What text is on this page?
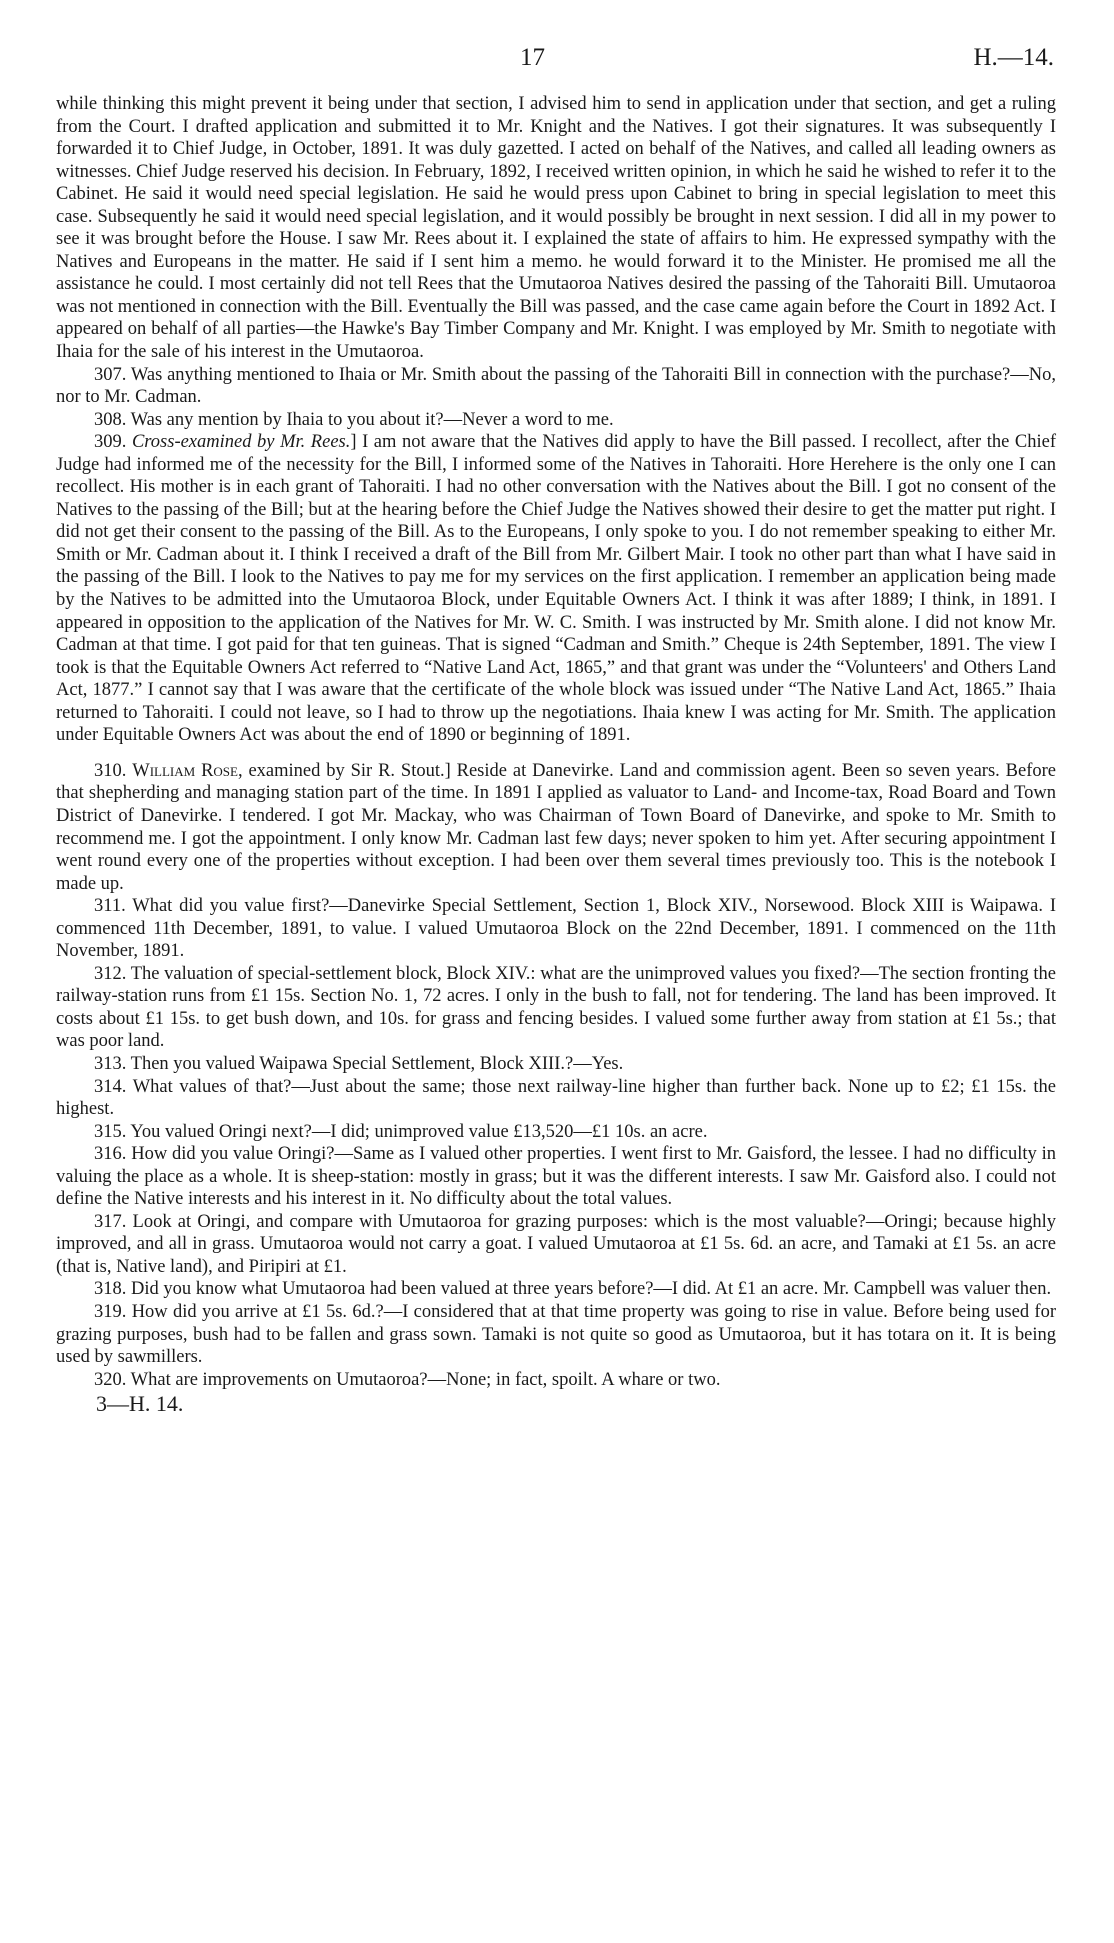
17	H.—14.

while thinking this might prevent it being under that section, I advised him to send in application under that section, and get a ruling from the Court. I drafted application and submitted it to Mr. Knight and the Natives. I got their signatures. It was subsequently I forwarded it to Chief Judge, in October, 1891. It was duly gazetted. I acted on behalf of the Natives, and called all leading owners as witnesses. Chief Judge reserved his decision. In February, 1892, I received written opinion, in which he said he wished to refer it to the Cabinet. He said it would need special legislation. He said he would press upon Cabinet to bring in special legislation to meet this case. Subsequently he said it would need special legislation, and it would possibly be brought in next session. I did all in my power to see it was brought before the House. I saw Mr. Rees about it. I explained the state of affairs to him. He expressed sympathy with the Natives and Europeans in the matter. He said if I sent him a memo. he would forward it to the Minister. He promised me all the assistance he could. I most certainly did not tell Rees that the Umutaoroa Natives desired the passing of the Tahoraiti Bill. Umutaoroa was not mentioned in connection with the Bill. Eventually the Bill was passed, and the case came again before the Court in 1892 Act. I appeared on behalf of all parties—the Hawke's Bay Timber Company and Mr. Knight. I was employed by Mr. Smith to negotiate with Ihaia for the sale of his interest in the Umutaoroa.

307. Was anything mentioned to Ihaia or Mr. Smith about the passing of the Tahoraiti Bill in connection with the purchase?—No, nor to Mr. Cadman.

308. Was any mention by Ihaia to you about it?—Never a word to me.

309. Cross-examined by Mr. Rees.] I am not aware that the Natives did apply to have the Bill passed. I recollect, after the Chief Judge had informed me of the necessity for the Bill, I informed some of the Natives in Tahoraiti. Hore Herehere is the only one I can recollect. His mother is in each grant of Tahoraiti. I had no other conversation with the Natives about the Bill. I got no consent of the Natives to the passing of the Bill; but at the hearing before the Chief Judge the Natives showed their desire to get the matter put right. I did not get their consent to the passing of the Bill. As to the Europeans, I only spoke to you. I do not remember speaking to either Mr. Smith or Mr. Cadman about it. I think I received a draft of the Bill from Mr. Gilbert Mair. I took no other part than what I have said in the passing of the Bill. I look to the Natives to pay me for my services on the first application. I remember an application being made by the Natives to be admitted into the Umutaoroa Block, under Equitable Owners Act. I think it was after 1889; I think, in 1891. I appeared in opposition to the application of the Natives for Mr. W. C. Smith. I was instructed by Mr. Smith alone. I did not know Mr. Cadman at that time. I got paid for that ten guineas. That is signed “Cadman and Smith.” Cheque is 24th September, 1891. The view I took is that the Equitable Owners Act referred to “Native Land Act, 1865,” and that grant was under the “Volunteers' and Others Land Act, 1877.” I cannot say that I was aware that the certificate of the whole block was issued under “The Native Land Act, 1865.” Ihaia returned to Tahoraiti. I could not leave, so I had to throw up the negotiations. Ihaia knew I was acting for Mr. Smith. The application under Equitable Owners Act was about the end of 1890 or beginning of 1891.

310. William Rose, examined by Sir R. Stout.] Reside at Danevirke. Land and commission agent. Been so seven years. Before that shepherding and managing station part of the time. In 1891 I applied as valuator to Land- and Income-tax, Road Board and Town District of Danevirke. I tendered. I got Mr. Mackay, who was Chairman of Town Board of Danevirke, and spoke to Mr. Smith to recommend me. I got the appointment. I only know Mr. Cadman last few days; never spoken to him yet. After securing appointment I went round every one of the properties without exception. I had been over them several times previously too. This is the notebook I made up.

311. What did you value first?—Danevirke Special Settlement, Section 1, Block XIV., Norsewood. Block XIII is Waipawa. I commenced 11th December, 1891, to value. I valued Umutaoroa Block on the 22nd December, 1891. I commenced on the 11th November, 1891.

312. The valuation of special-settlement block, Block XIV.: what are the unimproved values you fixed?—The section fronting the railway-station runs from £1 15s. Section No. 1, 72 acres. I only in the bush to fall, not for tendering. The land has been improved. It costs about £1 15s. to get bush down, and 10s. for grass and fencing besides. I valued some further away from station at £1 5s.; that was poor land.

313. Then you valued Waipawa Special Settlement, Block XIII.?—Yes.

314. What values of that?—Just about the same; those next railway-line higher than further back. None up to £2; £1 15s. the highest.

315. You valued Oringi next?—I did; unimproved value £13,520—£1 10s. an acre.

316. How did you value Oringi?—Same as I valued other properties. I went first to Mr. Gaisford, the lessee. I had no difficulty in valuing the place as a whole. It is sheep-station: mostly in grass; but it was the different interests. I saw Mr. Gaisford also. I could not define the Native interests and his interest in it. No difficulty about the total values.

317. Look at Oringi, and compare with Umutaoroa for grazing purposes: which is the most valuable?—Oringi; because highly improved, and all in grass. Umutaoroa would not carry a goat. I valued Umutaoroa at £1 5s. 6d. an acre, and Tamaki at £1 5s. an acre (that is, Native land), and Piripiri at £1.

318. Did you know what Umutaoroa had been valued at three years before?—I did. At £1 an acre. Mr. Campbell was valuer then.

319. How did you arrive at £1 5s. 6d.?—I considered that at that time property was going to rise in value. Before being used for grazing purposes, bush had to be fallen and grass sown. Tamaki is not quite so good as Umutaoroa, but it has totara on it. It is being used by sawmillers.

320. What are improvements on Umutaoroa?—None; in fact, spoilt. A whare or two.

3—H. 14.
